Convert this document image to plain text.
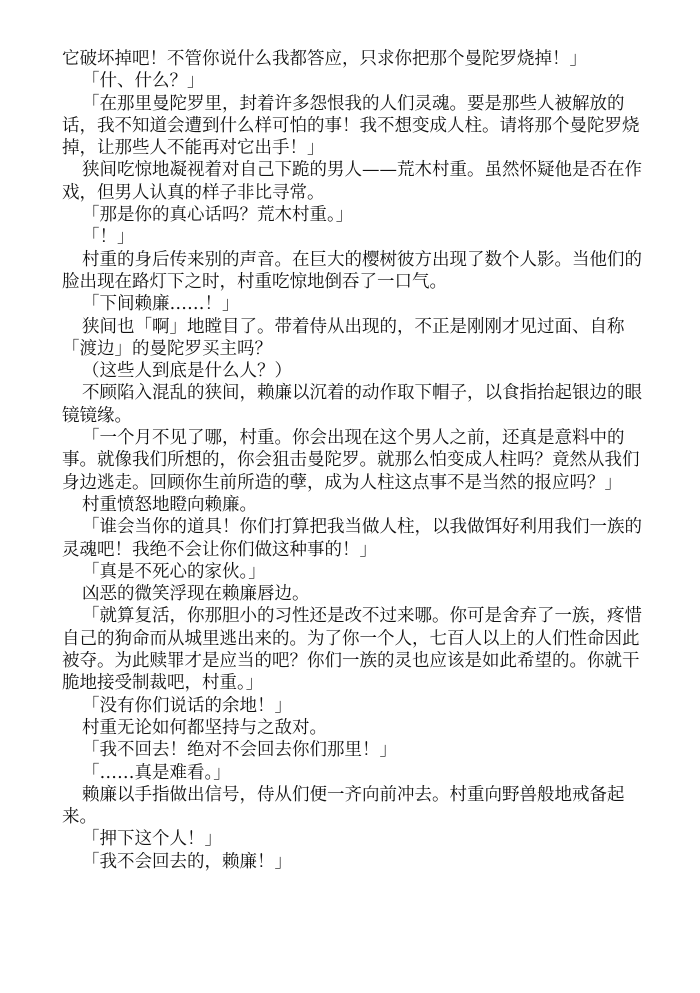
它破坏掉吧！不管你说什么我都答应，只求你把那个曼陀罗烧掉！」

「什、什么？」

「在那里曼陀罗里，封着许多怨恨我的人们灵魂。要是那些人被解放的话，我不知道会遭到什么样可怕的事！我不想变成人柱。请将那个曼陀罗烧掉，让那些人不能再对它出手！」

狭间吃惊地凝视着对自己下跪的男人——荒木村重。虽然怀疑他是否在作戏，但男人认真的样子非比寻常。

「那是你的真心话吗？荒木村重。」

「！」

村重的身后传来别的声音。在巨大的樱树彼方出现了数个人影。当他们的脸出现在路灯下之时，村重吃惊地倒吞了一口气。

「下间赖廉……！」

狭间也「啊」地瞠目了。带着侍从出现的，不正是刚刚才见过面、自称「渡边」的曼陀罗买主吗？

（这些人到底是什么人？）

不顾陷入混乱的狭间，赖廉以沉着的动作取下帽子，以食指抬起银边的眼镜镜缘。

「一个月不见了哪，村重。你会出现在这个男人之前，还真是意料中的事。就像我们所想的，你会狙击曼陀罗。就那么怕变成人柱吗？竟然从我们身边逃走。回顾你生前所造的孽，成为人柱这点事不是当然的报应吗？」

村重愤怒地瞪向赖廉。

「谁会当你的道具！你们打算把我当做人柱，以我做饵好利用我们一族的灵魂吧！我绝不会让你们做这种事的！」

「真是不死心的家伙。」

凶恶的微笑浮现在赖廉唇边。

「就算复活，你那胆小的习性还是改不过来哪。你可是舍弃了一族，疼惜自己的狗命而从城里逃出来的。为了你一个人，七百人以上的人们性命因此被夺。为此赎罪才是应当的吧？你们一族的灵也应该是如此希望的。你就干脆地接受制裁吧，村重。」

「没有你们说话的余地！」

村重无论如何都坚持与之敌对。

「我不回去！绝对不会回去你们那里！」

「……真是难看。」

赖廉以手指做出信号，侍从们便一齐向前冲去。村重向野兽般地戒备起来。

「押下这个人！」

「我不会回去的，赖廉！」
